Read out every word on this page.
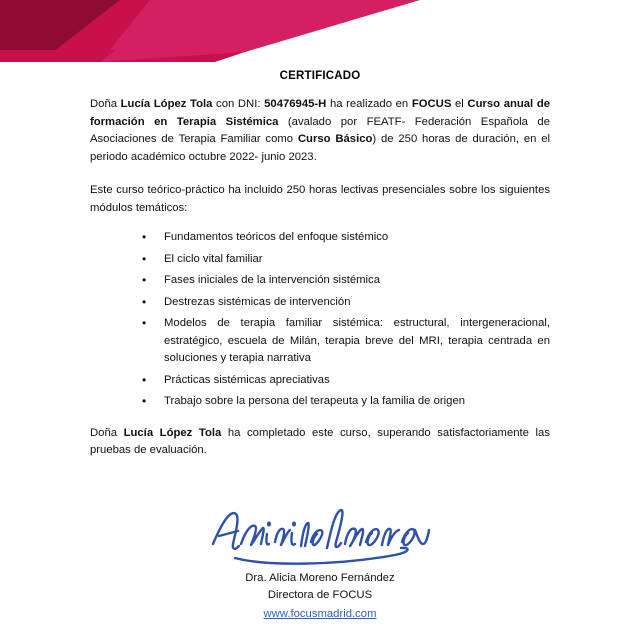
CERTIFICADO

Doña Lucía López Tola con DNI: 50476945-H ha realizado en FOCUS el Curso anual de formación en Terapia Sistémica (avalado por FEATF- Federación Española de Asociaciones de Terapia Familiar como Curso Básico) de 250 horas de duración, en el periodo académico octubre 2022- junio 2023.

Este curso teórico-práctico ha incluido 250 horas lectivas presenciales sobre los siguientes módulos temáticos:

• Fundamentos teóricos del enfoque sistémico
• El ciclo vital familiar
• Fases iniciales de la intervención sistémica
• Destrezas sistémicas de intervención
• Modelos de terapia familiar sistémica: estructural, intergeneracional, estratégico, escuela de Milán, terapia breve del MRI, terapia centrada en soluciones y terapia narrativa
• Prácticas sistémicas apreciativas
• Trabajo sobre la persona del terapeuta y la familia de origen

Doña Lucía López Tola ha completado este curso, superando satisfactoriamente las pruebas de evaluación.

Dra. Alicia Moreno Fernández
Directora de FOCUS
www.focusmadrid.com
